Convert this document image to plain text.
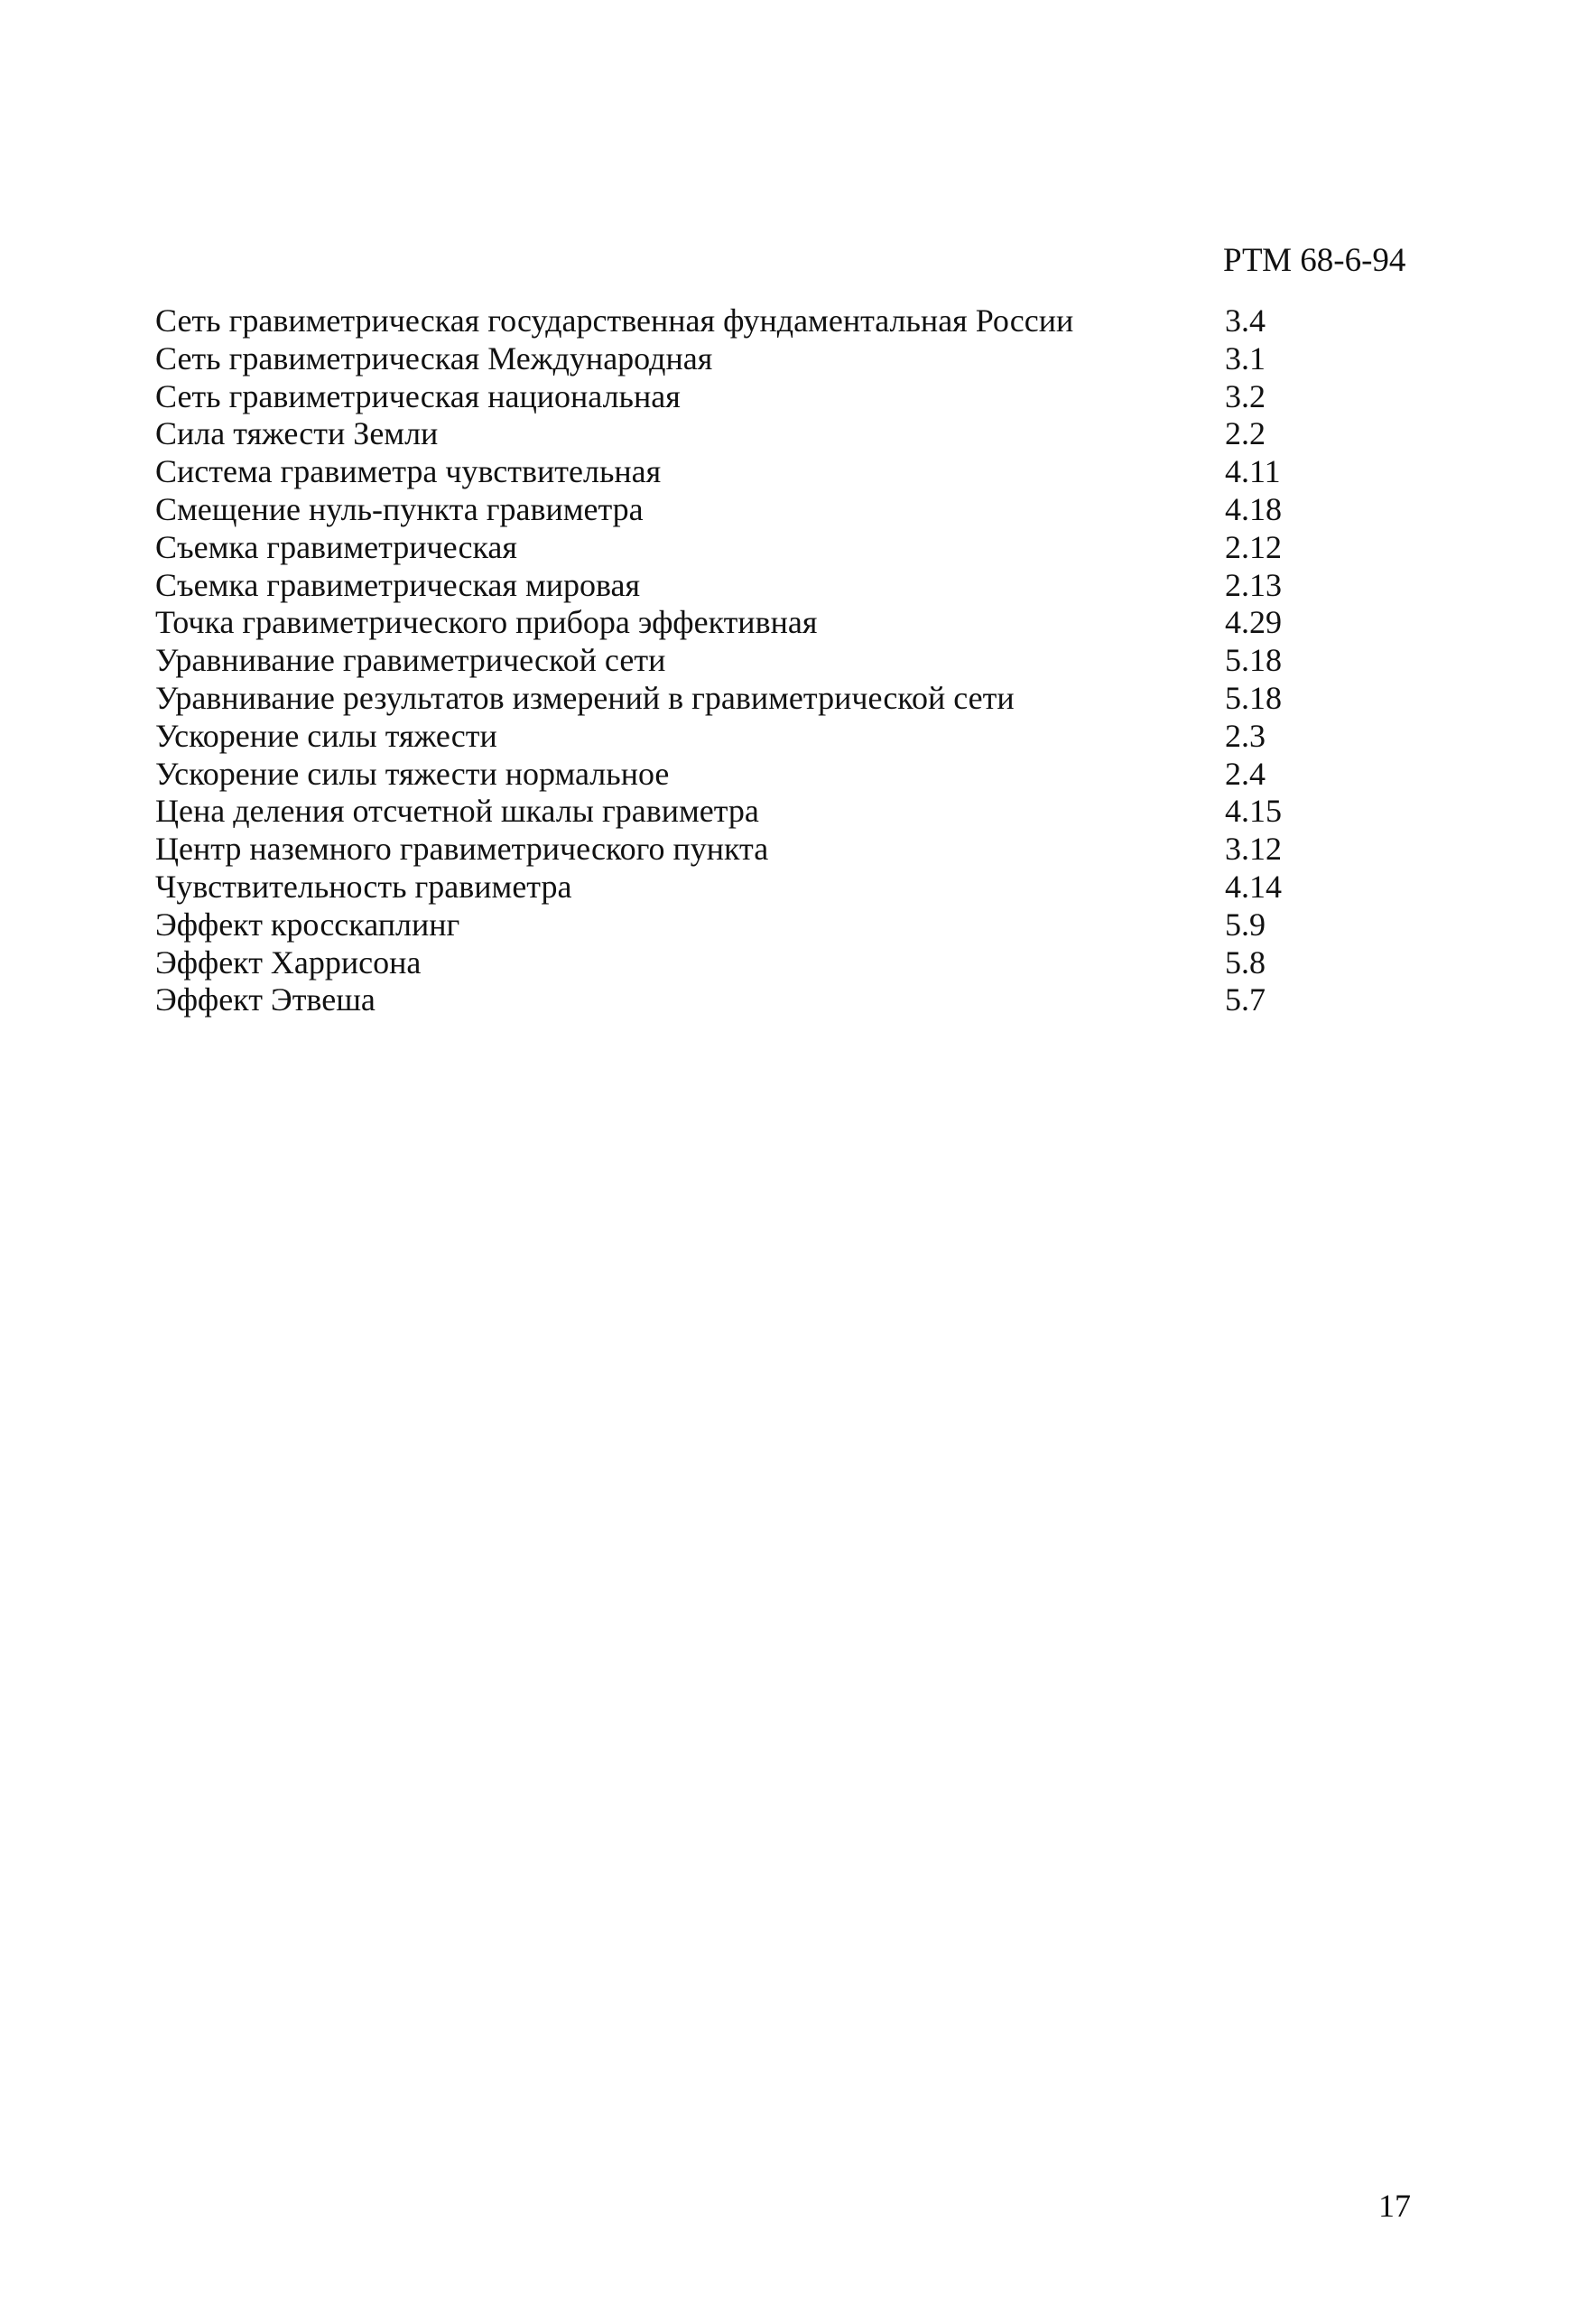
РТМ 68-6-94
Сеть гравиметрическая государственная фундаментальная России	3.4
Сеть гравиметрическая Международная	3.1
Сеть гравиметрическая национальная	3.2
Сила тяжести Земли	2.2
Система гравиметра чувствительная	4.11
Смещение нуль-пункта гравиметра	4.18
Съемка гравиметрическая	2.12
Съемка гравиметрическая мировая	2.13
Точка гравиметрического прибора эффективная	4.29
Уравнивание гравиметрической сети	5.18
Уравнивание результатов измерений в гравиметрической сети	5.18
Ускорение силы тяжести	2.3
Ускорение силы тяжести нормальное	2.4
Цена деления отсчетной шкалы гравиметра	4.15
Центр наземного гравиметрического пункта	3.12
Чувствительность гравиметра	4.14
Эффект кросскаплинг	5.9
Эффект Харрисона	5.8
Эффект Этвеша	5.7
17
